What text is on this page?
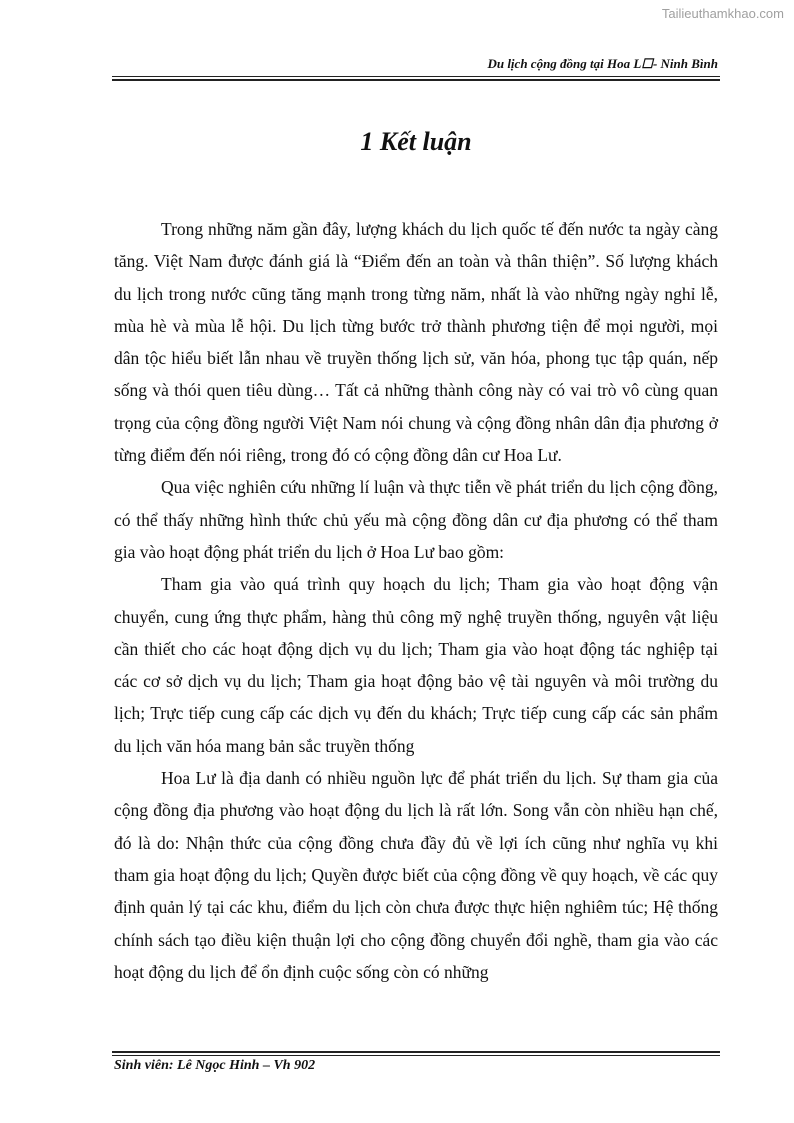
Tailieuthamkhao.com
Du lịch cộng đồng tại Hoa L☐- Ninh Bình
1 Kết luận

Trong những năm gần đây, lượng khách du lịch quốc tế đến nước ta ngày càng tăng. Việt Nam được đánh giá là “Điểm đến an toàn và thân thiện”. Số lượng khách du lịch trong nước cũng tăng mạnh trong từng năm, nhất là vào những ngày nghỉ lễ, mùa hè và mùa lễ hội. Du lịch từng bước trở thành phương tiện để mọi người, mọi dân tộc hiểu biết lẫn nhau về truyền thống lịch sử, văn hóa, phong tục tập quán, nếp sống và thói quen tiêu dùng… Tất cả những thành công này có vai trò vô cùng quan trọng của cộng đồng người Việt Nam nói chung và cộng đồng nhân dân địa phương ở từng điểm đến nói riêng, trong đó có cộng đồng dân cư Hoa Lư.

Qua việc nghiên cứu những lí luận và thực tiễn về phát triển du lịch cộng đồng, có thể thấy những hình thức chủ yếu mà cộng đồng dân cư địa phương có thể tham gia vào hoạt động phát triển du lịch ở Hoa Lư bao gồm:

Tham gia vào quá trình quy hoạch du lịch; Tham gia vào hoạt động vận chuyển, cung ứng thực phẩm, hàng thủ công mỹ nghệ truyền thống, nguyên vật liệu cần thiết cho các hoạt động dịch vụ du lịch; Tham gia vào hoạt động tác nghiệp tại các cơ sở dịch vụ du lịch; Tham gia hoạt động bảo vệ tài nguyên và môi trường du lịch; Trực tiếp cung cấp các dịch vụ đến du khách; Trực tiếp cung cấp các sản phẩm du lịch văn hóa mang bản sắc truyền thống

Hoa Lư là địa danh có nhiều nguồn lực để phát triển du lịch. Sự tham gia của cộng đồng địa phương vào hoạt động du lịch là rất lớn. Song vẫn còn nhiều hạn chế, đó là do: Nhận thức của cộng đồng chưa đầy đủ về lợi ích cũng như nghĩa vụ khi tham gia hoạt động du lịch; Quyền được biết của cộng đồng về quy hoạch, về các quy định quản lý tại các khu, điểm du lịch còn chưa được thực hiện nghiêm túc; Hệ thống chính sách tạo điều kiện thuận lợi cho cộng đồng chuyển đổi nghề, tham gia vào các hoạt động du lịch để ổn định cuộc sống còn có những

Sinh viên: Lê Ngọc Hinh – Vh 902
